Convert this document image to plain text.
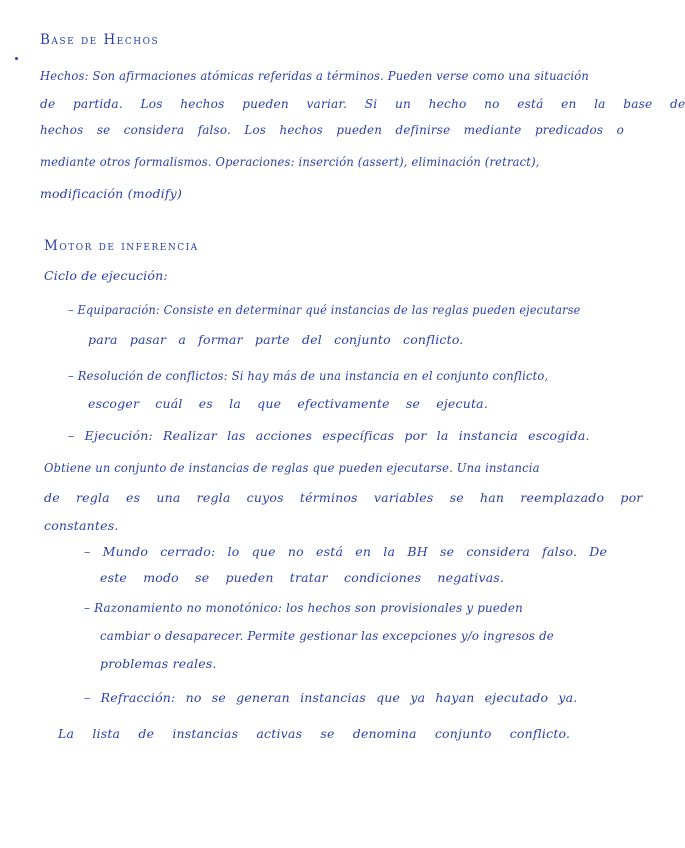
Base de Hechos
Hechos: Son afirmaciones atómicas referidas a términos. Pueden verse como una situación
de partida. Los hechos pueden variar. Si un hecho no está en la base de
hechos se considera falso. Los hechos pueden definirse mediante predicados o
mediante otros formalismos. Operaciones: inserción (assert), eliminación (retract),
modificación (modify)
Motor de inferencia
Ciclo de ejecución:
– Equiparación: Consiste en determinar qué instancias de las reglas pueden ejecutarse
para pasar a formar parte del conjunto conflicto.
– Resolución de conflictos: Si hay más de una instancia en el conjunto conflicto,
escoger cuál es la que efectivamente se ejecuta.
– Ejecución: Realizar las acciones específicas por la instancia escogida.
Obtiene un conjunto de instancias de reglas que pueden ejecutarse. Una instancia
de regla es una regla cuyos términos variables se han reemplazado por
constantes.
– Mundo cerrado: lo que no está en la BH se considera falso. De
este modo se pueden tratar condiciones negativas.
– Razonamiento no monotónico: los hechos son provisionales y pueden
cambiar o desaparecer. Permite gestionar las excepciones y/o ingresos de
problemas reales.
– Refracción: no se generan instancias que ya hayan ejecutado ya.
La lista de instancias activas se denomina conjunto conflicto.
